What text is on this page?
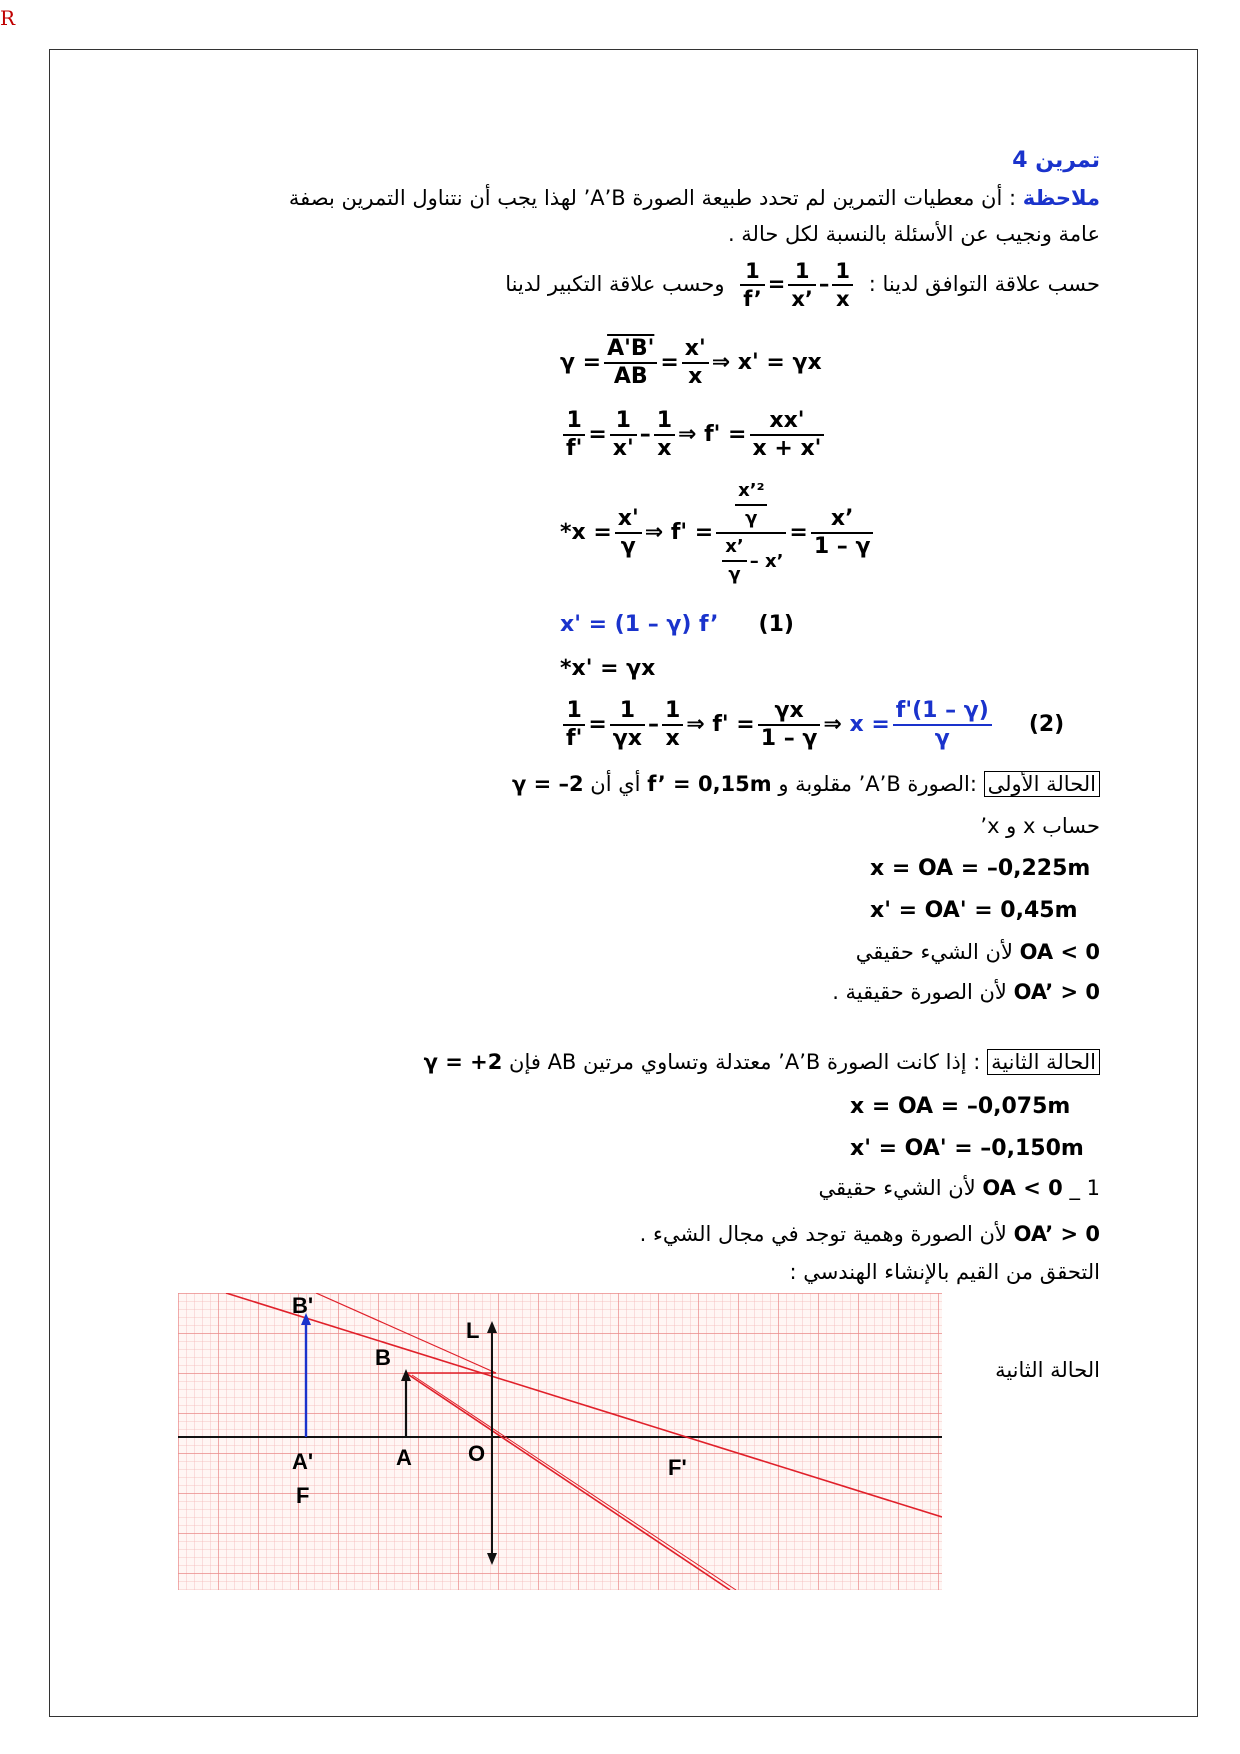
R
تمرين 4
ملاحظة : أن معطيات التمرين لم تحدد طبيعة الصورة A’B’ لهذا يجب أن نتناول التمرين بصفة
عامة ونجيب عن الأسئلة بالنسبة لكل حالة .
حسب علاقة التوافق لدينا :
$\frac{1}{f’} = \frac{1}{x’} - \frac{1}{x}$
وحسب علاقة التكبير لدينا
$\gamma = \frac{A'B'}{AB} = \frac{x'}{x}$ ⇒ x' = γx
$\frac{1}{f'} = \frac{1}{x'} - \frac{1}{x}$ ⇒ $f' = \frac{xx'}{x + x'}$
$*x = \frac{x'}{\gamma}$ ⇒ $f' = \frac{\frac{\text{x’²}}{\gamma}}{\frac{x’}{\gamma} - x’} = \frac{x’}{1 - \gamma}$
x' = (1 – γ) f’ (1)
*x' = γx
$\frac{1}{f'} = \frac{1}{\gamma x} - \frac{1}{x}$ ⇒ $f' = \frac{\gamma x}{1 - \gamma}$ ⇒ $x = \frac{f'(1 - \gamma)}{\gamma} (2)$
الحالة الأولى :الصورة A’B’ مقلوبة و f’ = 0,15m أي أن γ = –2
حساب x و x’
x = OA = –0,225m
x' = OA' = 0,45m
OA < 0 لأن الشيء حقيقي
OA’ > 0 لأن الصورة حقيقية .
الحالة الثانية : إذا كانت الصورة A’B’ معتدلة وتساوي مرتين AB فإن γ = +2
x = OA = –0,075m
x' = OA' = –0,150m
1 _ OA < 0 لأن الشيء حقيقي
OA’ > 0 لأن الصورة وهمية توجد في مجال الشيء .
التحقق من القيم بالإنشاء الهندسي :
الحالة الثانية
B'
B
L
A'
F
A	O
F'
